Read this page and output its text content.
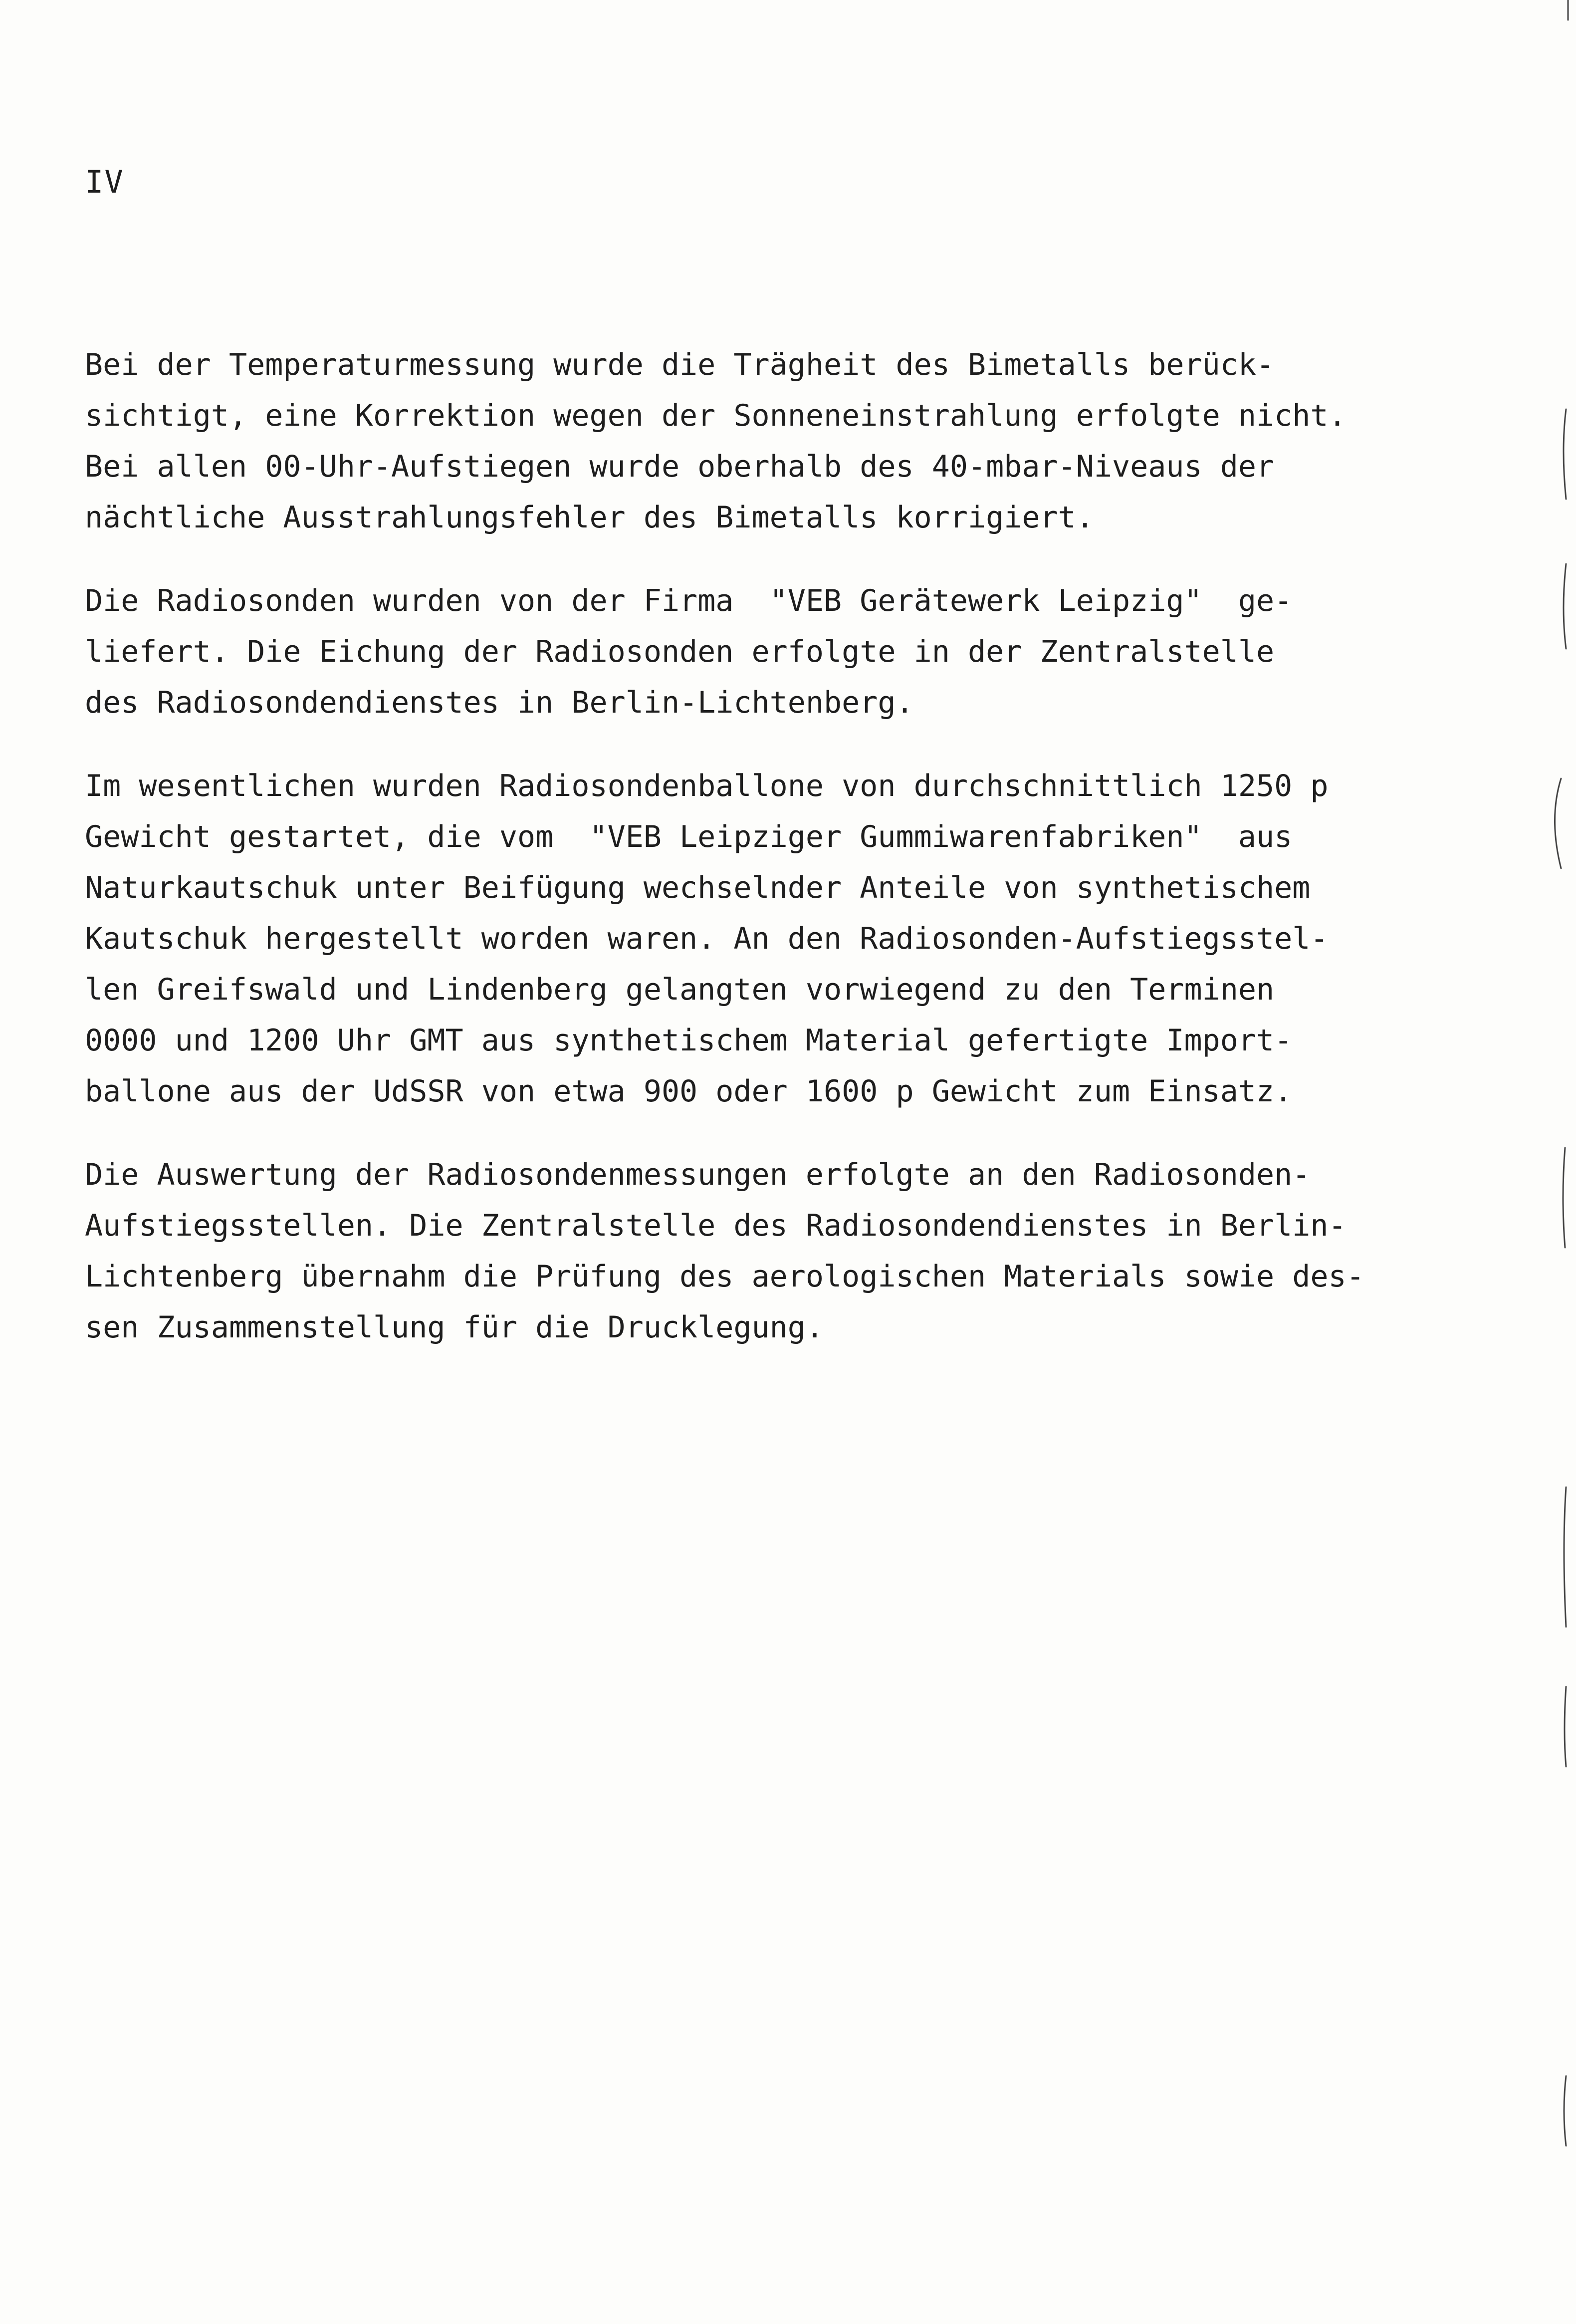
IV

Bei der Temperaturmessung wurde die Trägheit des Bimetalls berück-
sichtigt, eine Korrektion wegen der Sonneneinstrahlung erfolgte nicht.
Bei allen 00-Uhr-Aufstiegen wurde oberhalb des 40-mbar-Niveaus der
nächtliche Ausstrahlungsfehler des Bimetalls korrigiert.

Die Radiosonden wurden von der Firma  "VEB Gerätewerk Leipzig"  ge-
liefert. Die Eichung der Radiosonden erfolgte in der Zentralstelle
des Radiosondendienstes in Berlin-Lichtenberg.

Im wesentlichen wurden Radiosondenballone von durchschnittlich 1250 p
Gewicht gestartet, die vom  "VEB Leipziger Gummiwarenfabriken"  aus
Naturkautschuk unter Beifügung wechselnder Anteile von synthetischem
Kautschuk hergestellt worden waren. An den Radiosonden-Aufstiegsstel-
len Greifswald und Lindenberg gelangten vorwiegend zu den Terminen
0000 und 1200 Uhr GMT aus synthetischem Material gefertigte Import-
ballone aus der UdSSR von etwa 900 oder 1600 p Gewicht zum Einsatz.

Die Auswertung der Radiosondenmessungen erfolgte an den Radiosonden-
Aufstiegsstellen. Die Zentralstelle des Radiosondendienstes in Berlin-
Lichtenberg übernahm die Prüfung des aerologischen Materials sowie des-
sen Zusammenstellung für die Drucklegung.
